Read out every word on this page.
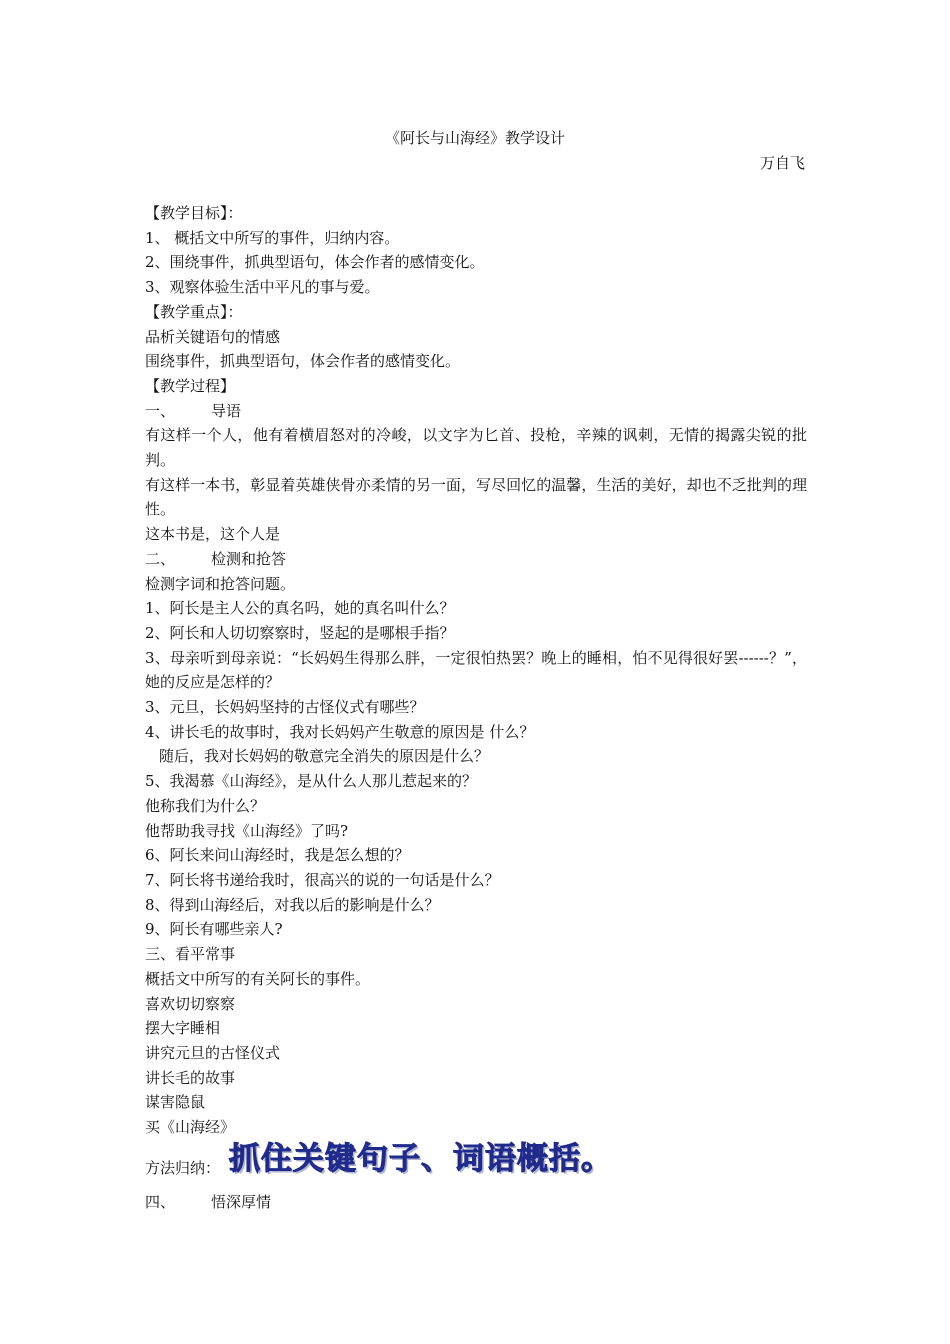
《阿长与山海经》教学设计
万自飞
【教学目标】：
1、 概括文中所写的事件，归纳内容。
2、围绕事件，抓典型语句，体会作者的感情变化。
3、观察体验生活中平凡的事与爱。
【教学重点】：
品析关键语句的情感
围绕事件，抓典型语句，体会作者的感情变化。
【教学过程】
一、 导语
有这样一个人，他有着横眉怒对的冷峻，以文字为匕首、投枪，辛辣的讽刺，无情的揭露尖锐的批判。
有这样一本书，彰显着英雄侠骨亦柔情的另一面，写尽回忆的温馨，生活的美好，却也不乏批判的理性。
这本书是，这个人是
二、 检测和抢答
检测字词和抢答问题。
1、阿长是主人公的真名吗，她的真名叫什么？
2、阿长和人切切察察时，竖起的是哪根手指？
3、母亲听到母亲说：“长妈妈生得那么胖，一定很怕热罢？晚上的睡相，怕不见得很好罢------？”，她的反应是怎样的？
3、元旦，长妈妈坚持的古怪仪式有哪些？
4、讲长毛的故事时，我对长妈妈产生敬意的原因是 什么？
随后，我对长妈妈的敬意完全消失的原因是什么？
5、我渴慕《山海经》，是从什么人那儿惹起来的？
他称我们为什么？
他帮助我寻找《山海经》了吗?
6、阿长来问山海经时，我是怎么想的？
7、阿长将书递给我时，很高兴的说的一句话是什么？
8、得到山海经后，对我以后的影响是什么？
9、阿长有哪些亲人?
三、看平常事
概括文中所写的有关阿长的事件。
喜欢切切察察
摆大字睡相
讲究元旦的古怪仪式
讲长毛的故事
谋害隐鼠
买《山海经》
方法归纳： 抓住关键句子、词语概括。
四、 悟深厚情
